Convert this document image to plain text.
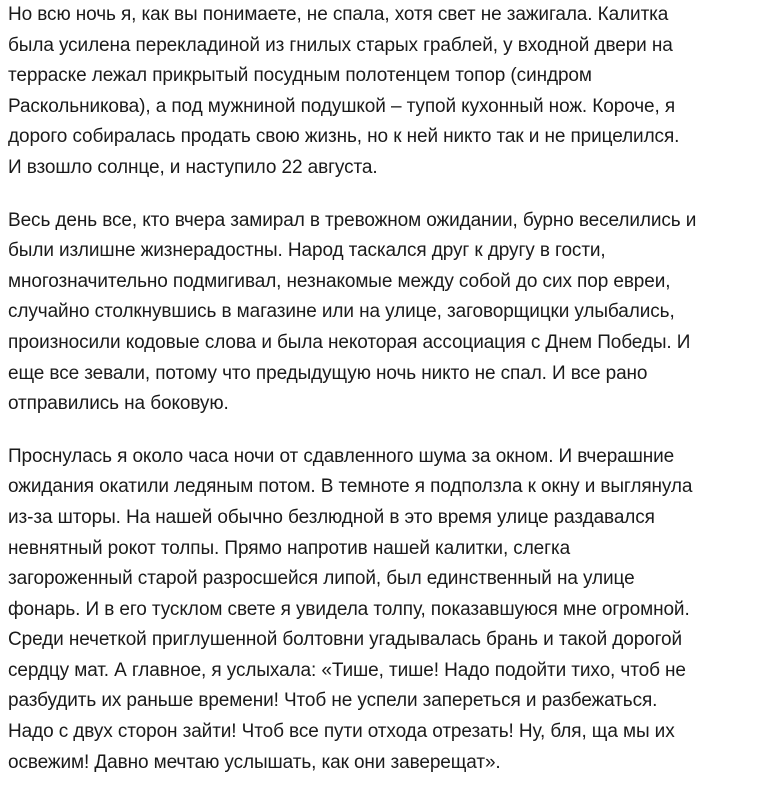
Но всю ночь я, как вы понимаете, не спала, хотя свет не зажигала. Калитка
была усилена перекладиной из гнилых старых граблей, у входной двери на
терраске лежал прикрытый посудным полотенцем топор (синдром
Раскольникова), а под мужниной подушкой – тупой кухонный нож. Короче, я
дорого собиралась продать свою жизнь, но к ней никто так и не прицелился.
И взошло солнце, и наступило 22 августа.

Весь день все, кто вчера замирал в тревожном ожидании, бурно веселились и
были излишне жизнерадостны. Народ таскался друг к другу в гости,
многозначительно подмигивал, незнакомые между собой до сих пор евреи,
случайно столкнувшись в магазине или на улице, заговорщицки улыбались,
произносили кодовые слова и была некоторая ассоциация с Днем Победы. И
еще все зевали, потому что предыдущую ночь никто не спал. И все рано
отправились на боковую.

Проснулась я около часа ночи от сдавленного шума за окном. И вчерашние
ожидания окатили ледяным потом. В темноте я подползла к окну и выглянула
из-за шторы. На нашей обычно безлюдной в это время улице раздавался
невнятный рокот толпы. Прямо напротив нашей калитки, слегка
загороженный старой разросшейся липой, был единственный на улице
фонарь. И в его тусклом свете я увидела толпу, показавшуюся мне огромной.
Среди нечеткой приглушенной болтовни угадывалась брань и такой дорогой
сердцу мат. А главное, я услыхала: «Тише, тише! Надо подойти тихо, чтоб не
разбудить их раньше времени! Чтоб не успели запереться и разбежаться.
Надо с двух сторон зайти! Чтоб все пути отхода отрезать! Ну, бля, ща мы их
освежим! Давно мечтаю услышать, как они заверещат».
